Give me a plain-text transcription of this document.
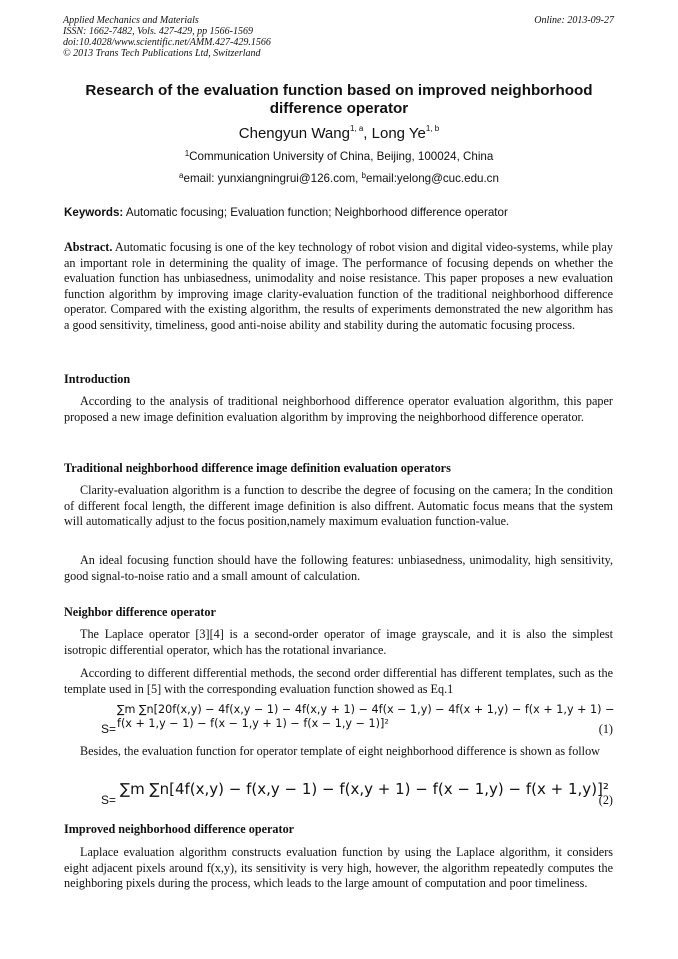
Applied Mechanics and Materials
ISSN: 1662-7482, Vols. 427-429, pp 1566-1569
doi:10.4028/www.scientific.net/AMM.427-429.1566
© 2013 Trans Tech Publications Ltd, Switzerland
Online: 2013-09-27
Research of the evaluation function based on improved neighborhood
difference operator
Chengyun Wang$^{1, a}$, Long Ye$^{1, b}$
$^1$Communication University of China, Beijing, 100024, China
$^a$email: yunxiangningrui@126.com, $^b$email:yelong@cuc.edu.cn
Keywords: Automatic focusing; Evaluation function; Neighborhood difference operator
Abstract. Automatic focusing is one of the key technology of robot vision and digital video-systems, while play an important role in determining the quality of image. The performance of focusing depends on whether the evaluation function has unbiasedness, unimodality and noise resistance. This paper proposes a new evaluation function algorithm by improving image clarity-evaluation function of the traditional neighborhood difference operator. Compared with the existing algorithm, the results of experiments demonstrated the new algorithm has a good sensitivity, timeliness, good anti-noise ability and stability during the automatic focusing process.
Introduction
According to the analysis of traditional neighborhood difference operator evaluation algorithm, this paper proposed a new image definition evaluation algorithm by improving the neighborhood difference operator.
Traditional neighborhood difference image definition evaluation operators
Clarity-evaluation algorithm is a function to describe the degree of focusing on the camera; In the condition of different focal length, the different image definition is also diffrent. Automatic focus means that the system will automatically adjust to the focus position,namely maximum evaluation function-value.
An ideal focusing function should have the following features: unbiasedness, unimodality, high sensitivity, good signal-to-noise ratio and a small amount of calculation.
Neighbor difference operator
The Laplace operator [3][4] is a second-order operator of image grayscale, and it is also the simplest isotropic differential operator, which has the rotational invariance.
According to different differential methods, the second order differential has different templates, such as the template used in [5] with the corresponding evaluation function showed as Eq.1
S=
∑m ∑n[20f(x,y) − 4f(x,y − 1) − 4f(x,y + 1) − 4f(x − 1,y) − 4f(x + 1,y) − f(x + 1,y + 1) −
f(x + 1,y − 1) − f(x − 1,y + 1) − f(x − 1,y − 1)]²	(1)
Besides, the evaluation function for operator template of eight neighborhood difference is shown as follow
S=
∑m ∑n[4f(x,y) − f(x,y − 1) − f(x,y + 1) − f(x − 1,y) − f(x + 1,y)]²
(2)
Improved neighborhood difference operator
Laplace evaluation algorithm constructs evaluation function by using the Laplace algorithm, it considers eight adjacent pixels around f(x,y), its sensitivity is very high, however, the algorithm repeatedly computes the neighboring pixels during the process, which leads to the large amount of computation and poor timeliness.
